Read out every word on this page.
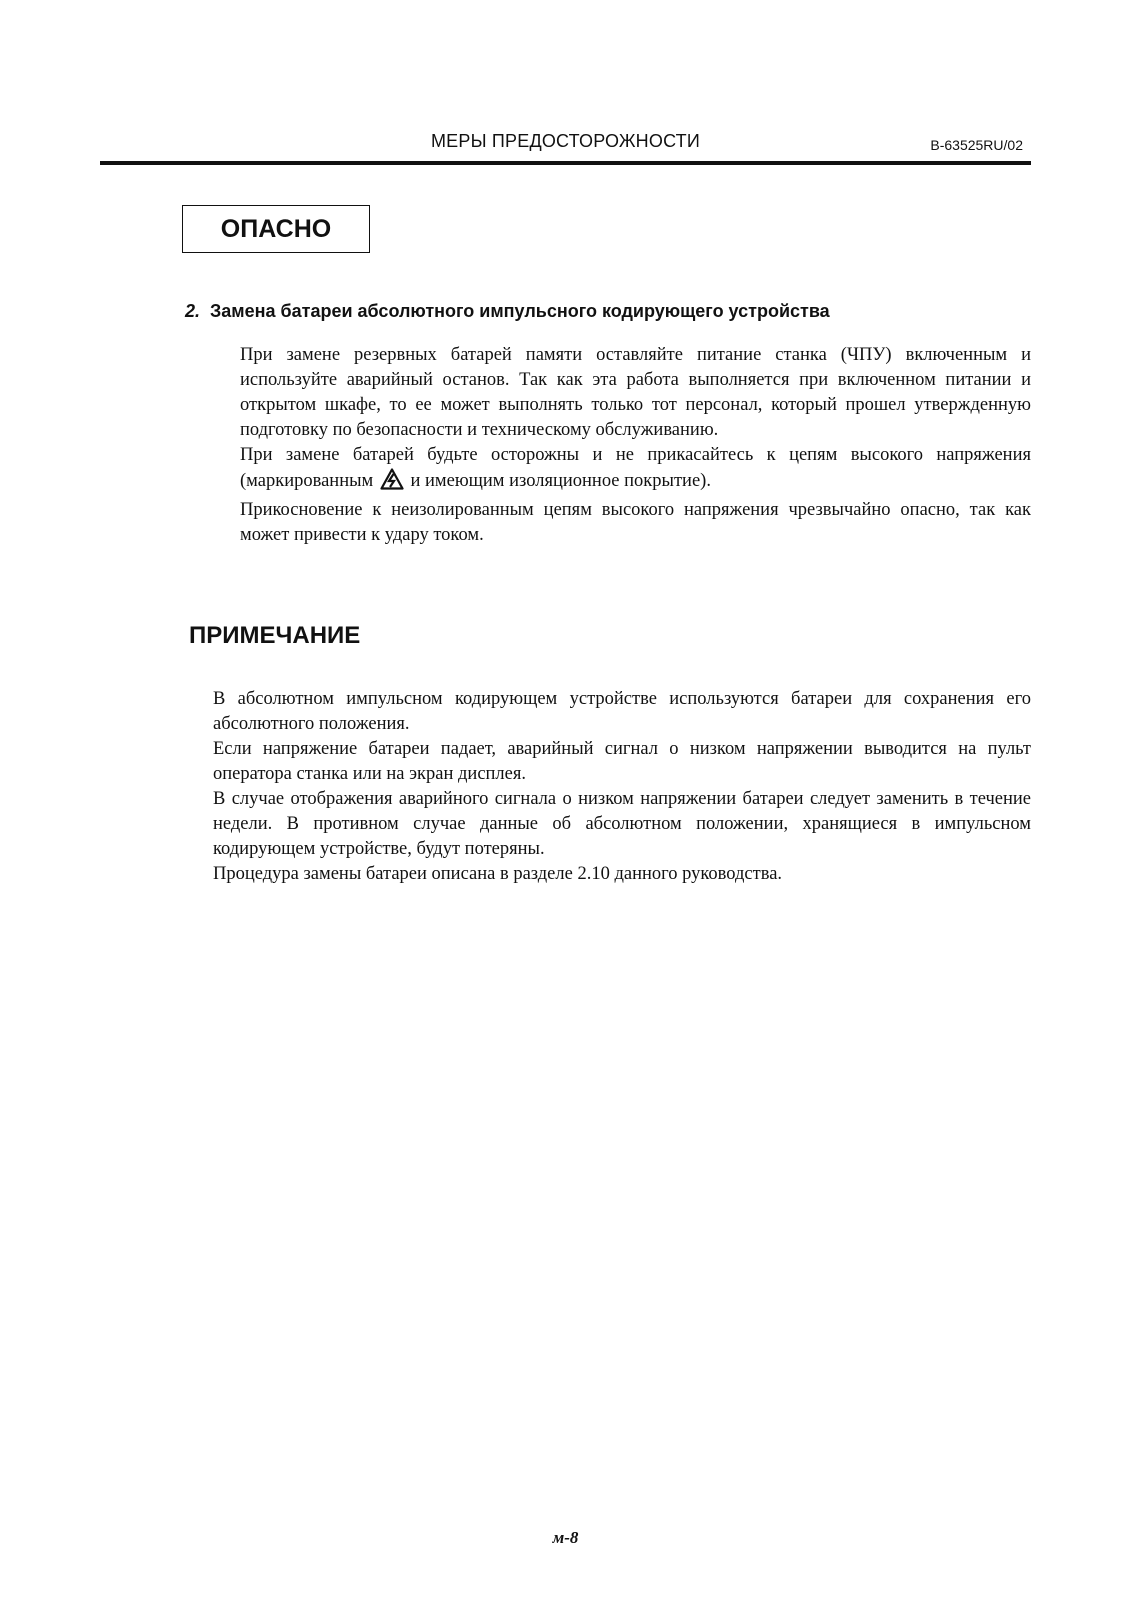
МЕРЫ ПРЕДОСТОРОЖНОСТИ	B-63525RU/02
ОПАСНО
2. Замена батареи абсолютного импульсного кодирующего устройства

При замене резервных батарей памяти оставляйте питание станка (ЧПУ) включенным и используйте аварийный останов. Так как эта работа выполняется при включенном питании и открытом шкафе, то ее может выполнять только тот персонал, который прошел утвержденную подготовку по безопасности и техническому обслуживанию.

При замене батарей будьте осторожны и не прикасайтесь к цепям высокого напряжения (маркированным и имеющим изоляционное покрытие).

Прикосновение к неизолированным цепям высокого напряжения чрезвычайно опасно, так как может привести к удару током.

ПРИМЕЧАНИЕ

В абсолютном импульсном кодирующем устройстве используются батареи для сохранения его абсолютного положения.

Если напряжение батареи падает, аварийный сигнал о низком напряжении выводится на пульт оператора станка или на экран дисплея.

В случае отображения аварийного сигнала о низком напряжении батареи следует заменить в течение недели. В противном случае данные об абсолютном положении, хранящиеся в импульсном кодирующем устройстве, будут потеряны.

Процедура замены батареи описана в разделе 2.10 данного руководства.

м-8
